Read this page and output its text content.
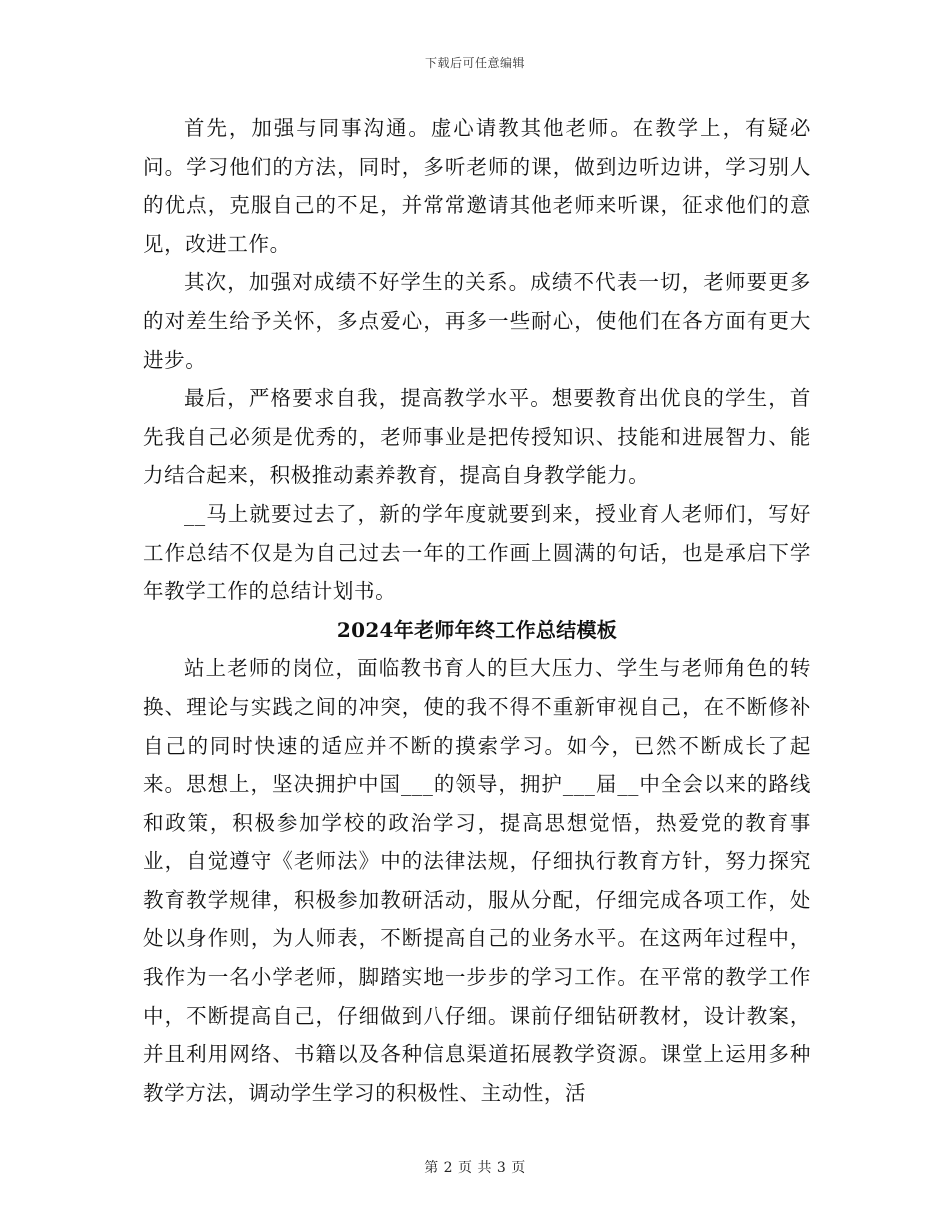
下载后可任意编辑

首先，加强与同事沟通。虚心请教其他老师。在教学上，有疑必问。学习他们的方法，同时，多听老师的课，做到边听边讲，学习别人的优点，克服自己的不足，并常常邀请其他老师来听课，征求他们的意见，改进工作。

其次，加强对成绩不好学生的关系。成绩不代表一切，老师要更多的对差生给予关怀，多点爱心，再多一些耐心，使他们在各方面有更大进步。

最后，严格要求自我，提高教学水平。想要教育出优良的学生，首先我自己必须是优秀的，老师事业是把传授知识、技能和进展智力、能力结合起来，积极推动素养教育，提高自身教学能力。

__马上就要过去了，新的学年度就要到来，授业育人老师们，写好工作总结不仅是为自己过去一年的工作画上圆满的句话，也是承启下学年教学工作的总结计划书。

2024年老师年终工作总结模板

站上老师的岗位，面临教书育人的巨大压力、学生与老师角色的转换、理论与实践之间的冲突，使的我不得不重新审视自己，在不断修补自己的同时快速的适应并不断的摸索学习。如今，已然不断成长了起来。思想上，坚决拥护中国___的领导，拥护___届__中全会以来的路线和政策，积极参加学校的政治学习，提高思想觉悟，热爱党的教育事业，自觉遵守《老师法》中的法律法规，仔细执行教育方针，努力探究教育教学规律，积极参加教研活动，服从分配，仔细完成各项工作，处处以身作则，为人师表，不断提高自己的业务水平。在这两年过程中，我作为一名小学老师，脚踏实地一步步的学习工作。在平常的教学工作中，不断提高自己，仔细做到八仔细。课前仔细钻研教材，设计教案，并且利用网络、书籍以及各种信息渠道拓展教学资源。课堂上运用多种教学方法，调动学生学习的积极性、主动性，活

第 2 页 共 3 页
